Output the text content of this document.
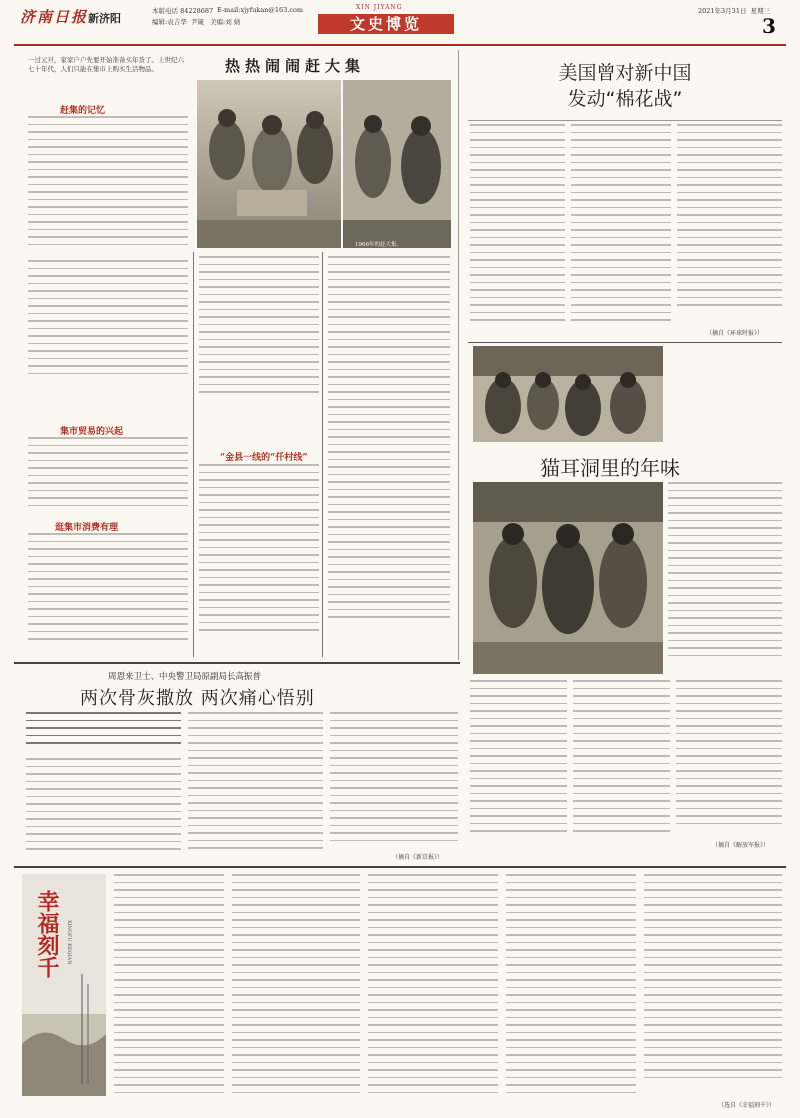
济南日报 新济阳
本版电话 84228687 E-mail:xjyfukan@163.com
编辑:袁吉华 尹箴 美编:刘 婧
XIN JIYANG
文史博览
2021年3月31日 星期三
3
一过元旦，家家户户先要开始准备买年货了。上世纪六七十年代，人们只能在集市上购买生活物品。	热热闹闹赶大集
1966年的赶大集。
赶集的记忆
集市贸易的兴起
逛集市消费有理
“金县一线的“仟村线”
美国曾对新中国
发动“棉花战”
（摘自《环球时报》）
猫耳洞里的年味
（摘自《解放军报》）
周恩来卫士、中央警卫局原副局长高振普
两次骨灰撒放 两次痛心悟别
（摘自《新京报》）
幸福刻千 XINGFU KEQIAN
（选自《幸福刻千》）
